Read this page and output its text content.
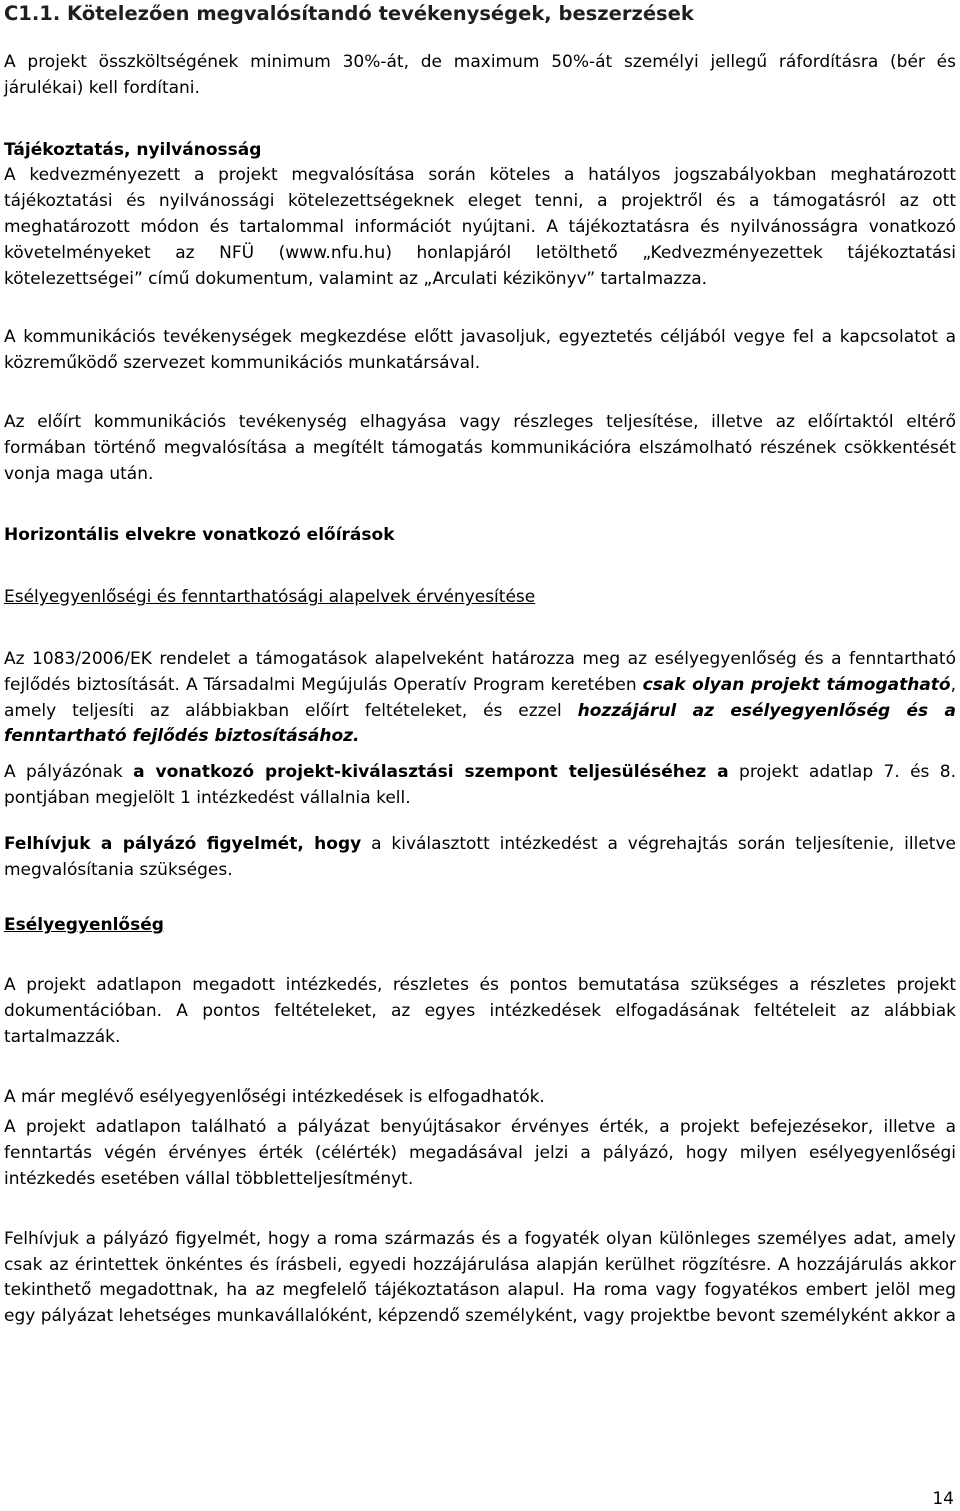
C1.1. Kötelezően megvalósítandó tevékenységek, beszerzések

A projekt összköltségének minimum 30%-át, de maximum 50%-át személyi jellegű ráfordításra (bér és járulékai) kell fordítani.

Tájékoztatás, nyilvánosság

A kedvezményezett a projekt megvalósítása során köteles a hatályos jogszabályokban meghatározott tájékoztatási és nyilvánossági kötelezettségeknek eleget tenni, a projektről és a támogatásról az ott meghatározott módon és tartalommal információt nyújtani. A tájékoztatásra és nyilvánosságra vonatkozó követelményeket az NFÜ (www.nfu.hu) honlapjáról letölthető „Kedvezményezettek tájékoztatási kötelezettségei” című dokumentum, valamint az „Arculati kézikönyv” tartalmazza.

A kommunikációs tevékenységek megkezdése előtt javasoljuk, egyeztetés céljából vegye fel a kapcsolatot a közreműködő szervezet kommunikációs munkatársával.

Az előírt kommunikációs tevékenység elhagyása vagy részleges teljesítése, illetve az előírtaktól eltérő formában történő megvalósítása a megítélt támogatás kommunikációra elszámolható részének csökkentését vonja maga után.

Horizontális elvekre vonatkozó előírások

Esélyegyenlőségi és fenntarthatósági alapelvek érvényesítése

Az 1083/2006/EK rendelet a támogatások alapelveként határozza meg az esélyegyenlőség és a fenntartható fejlődés biztosítását. A Társadalmi Megújulás Operatív Program keretében csak olyan projekt támogatható, amely teljesíti az alábbiakban előírt feltételeket, és ezzel hozzájárul az esélyegyenlőség és a fenntartható fejlődés biztosításához.

A pályázónak a vonatkozó projekt-kiválasztási szempont teljesüléséhez a projekt adatlap 7. és 8. pontjában megjelölt 1 intézkedést vállalnia kell.

Felhívjuk a pályázó figyelmét, hogy a kiválasztott intézkedést a végrehajtás során teljesítenie, illetve megvalósítania szükséges.

Esélyegyenlőség

A projekt adatlapon megadott intézkedés, részletes és pontos bemutatása szükséges a részletes projekt dokumentációban. A pontos feltételeket, az egyes intézkedések elfogadásának feltételeit az alábbiak tartalmazzák.

A már meglévő esélyegyenlőségi intézkedések is elfogadhatók.

A projekt adatlapon található a pályázat benyújtásakor érvényes érték, a projekt befejezésekor, illetve a fenntartás végén érvényes érték (célérték) megadásával jelzi a pályázó, hogy milyen esélyegyenlőségi intézkedés esetében vállal többletteljesítményt.

Felhívjuk a pályázó figyelmét, hogy a roma származás és a fogyaték olyan különleges személyes adat, amely csak az érintettek önkéntes és írásbeli, egyedi hozzájárulása alapján kerülhet rögzítésre. A hozzájárulás akkor tekinthető megadottnak, ha az megfelelő tájékoztatáson alapul. Ha roma vagy fogyatékos embert jelöl meg egy pályázat lehetséges munkavállalóként, képzendő személyként, vagy projektbe bevont személyként akkor a

14
